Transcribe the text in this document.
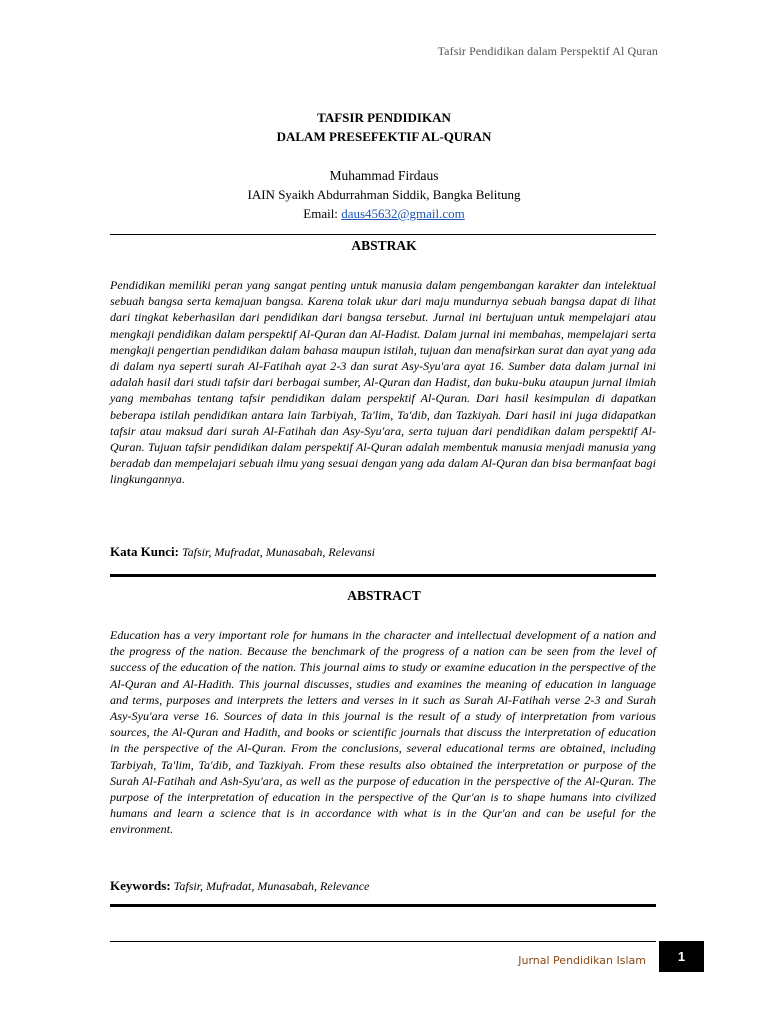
Tafsir Pendidikan dalam Perspektif Al Quran
TAFSIR PENDIDIKAN
DALAM PRESEFEKTIF AL-QURAN
Muhammad Firdaus
IAIN Syaikh Abdurrahman Siddik, Bangka Belitung
Email: daus45632@gmail.com
ABSTRAK
Pendidikan memiliki peran yang sangat penting untuk manusia dalam pengembangan karakter dan intelektual sebuah bangsa serta kemajuan bangsa. Karena tolak ukur dari maju mundurnya sebuah bangsa dapat di lihat dari tingkat keberhasilan dari pendidikan dari bangsa tersebut. Jurnal ini bertujuan untuk mempelajari atau mengkaji pendidikan dalam perspektif Al-Quran dan Al-Hadist. Dalam jurnal ini membahas, mempelajari serta mengkaji pengertian pendidikan dalam bahasa maupun istilah, tujuan dan menafsirkan surat dan ayat yang ada di dalam nya seperti surah Al-Fatihah ayat 2-3 dan surat Asy-Syu'ara ayat 16. Sumber data dalam jurnal ini adalah hasil dari studi tafsir dari berbagai sumber, Al-Quran dan Hadist, dan buku-buku ataupun jurnal ilmiah yang membahas tentang tafsir pendidikan dalam perspektif Al-Quran. Dari hasil kesimpulan di dapatkan beberapa istilah pendidikan antara lain Tarbiyah, Ta'lim, Ta'dib, dan Tazkiyah. Dari hasil ini juga didapatkan tafsir atau maksud dari surah Al-Fatihah dan Asy-Syu'ara, serta tujuan dari pendidikan dalam perspektif Al-Quran. Tujuan tafsir pendidikan dalam perspektif Al-Quran adalah membentuk manusia menjadi manusia yang beradab dan mempelajari sebuah ilmu yang sesuai dengan yang ada dalam Al-Quran dan bisa bermanfaat bagi lingkungannya.
Kata Kunci: Tafsir, Mufradat, Munasabah, Relevansi
ABSTRACT
Education has a very important role for humans in the character and intellectual development of a nation and the progress of the nation. Because the benchmark of the progress of a nation can be seen from the level of success of the education of the nation. This journal aims to study or examine education in the perspective of the Al-Quran and Al-Hadith. This journal discusses, studies and examines the meaning of education in language and terms, purposes and interprets the letters and verses in it such as Surah Al-Fatihah verse 2-3 and Surah Asy-Syu'ara verse 16. Sources of data in this journal is the result of a study of interpretation from various sources, the Al-Quran and Hadith, and books or scientific journals that discuss the interpretation of education in the perspective of the Al-Quran. From the conclusions, several educational terms are obtained, including Tarbiyah, Ta'lim, Ta'dib, and Tazkiyah. From these results also obtained the interpretation or purpose of the Surah Al-Fatihah and Ash-Syu'ara, as well as the purpose of education in the perspective of the Al-Quran. The purpose of the interpretation of education in the perspective of the Qur'an is to shape humans into civilized humans and learn a science that is in accordance with what is in the Qur'an and can be useful for the environment.
Keywords: Tafsir, Mufradat, Munasabah, Relevance
Jurnal Pendidikan Islam 1
